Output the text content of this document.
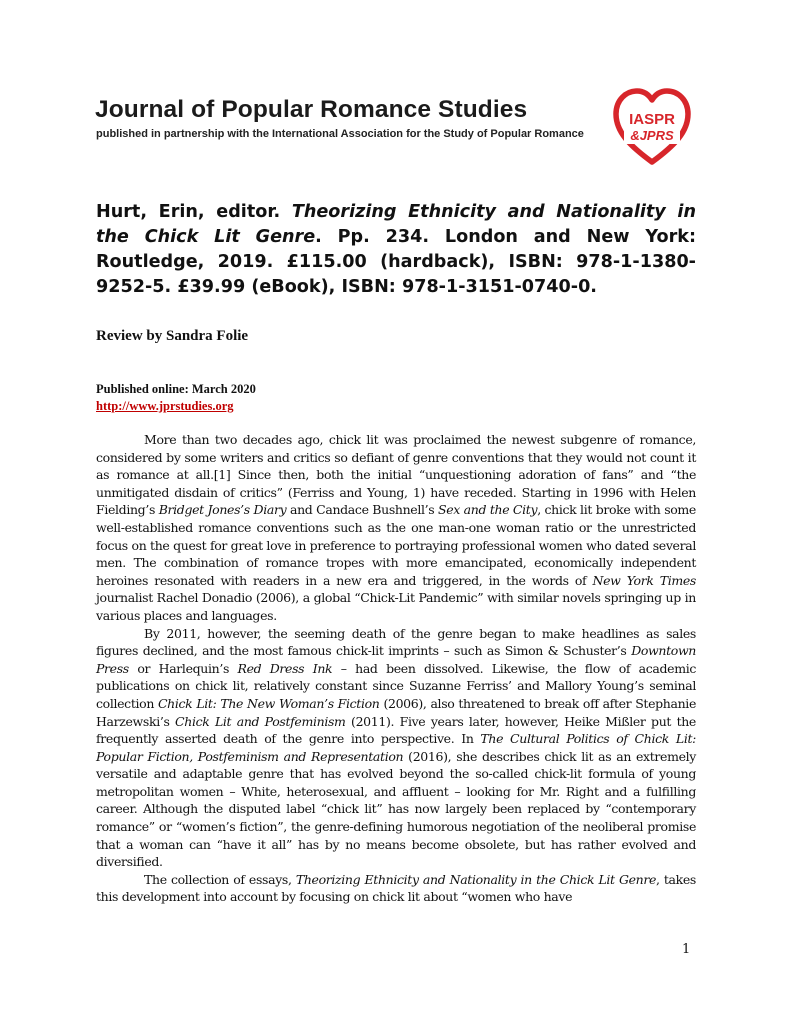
Journal of Popular Romance Studies

published in partnership with the International Association for the Study of Popular Romance

IASPR
&JPRS

Hurt, Erin, editor. Theorizing Ethnicity and Nationality in the Chick Lit Genre. Pp. 234. London and New York: Routledge, 2019. £115.00 (hardback), ISBN: 978-1-1380-9252-5. £39.99 (eBook), ISBN: 978-1-3151-0740-0.

Review by Sandra Folie

Published online: March 2020

http://www.jprstudies.org

More than two decades ago, chick lit was proclaimed the newest subgenre of romance, considered by some writers and critics so defiant of genre conventions that they would not count it as romance at all.[1] Since then, both the initial “unquestioning adoration of fans” and “the unmitigated disdain of critics” (Ferriss and Young, 1) have receded. Starting in 1996 with Helen Fielding’s Bridget Jones’s Diary and Candace Bushnell’s Sex and the City, chick lit broke with some well-established romance conventions such as the one man-one woman ratio or the unrestricted focus on the quest for great love in preference to portraying professional women who dated several men. The combination of romance tropes with more emancipated, economically independent heroines resonated with readers in a new era and triggered, in the words of New York Times journalist Rachel Donadio (2006), a global “Chick-Lit Pandemic” with similar novels springing up in various places and languages.

By 2011, however, the seeming death of the genre began to make headlines as sales figures declined, and the most famous chick-lit imprints – such as Simon & Schuster’s Downtown Press or Harlequin’s Red Dress Ink – had been dissolved. Likewise, the flow of academic publications on chick lit, relatively constant since Suzanne Ferriss’ and Mallory Young’s seminal collection Chick Lit: The New Woman’s Fiction (2006), also threatened to break off after Stephanie Harzewski’s Chick Lit and Postfeminism (2011). Five years later, however, Heike Mißler put the frequently asserted death of the genre into perspective. In The Cultural Politics of Chick Lit: Popular Fiction, Postfeminism and Representation (2016), she describes chick lit as an extremely versatile and adaptable genre that has evolved beyond the so-called chick-lit formula of young metropolitan women – White, heterosexual, and affluent – looking for Mr. Right and a fulfilling career. Although the disputed label “chick lit” has now largely been replaced by “contemporary romance” or “women’s fiction”, the genre-defining humorous negotiation of the neoliberal promise that a woman can “have it all” has by no means become obsolete, but has rather evolved and diversified.

The collection of essays, Theorizing Ethnicity and Nationality in the Chick Lit Genre, takes this development into account by focusing on chick lit about “women who have

1
